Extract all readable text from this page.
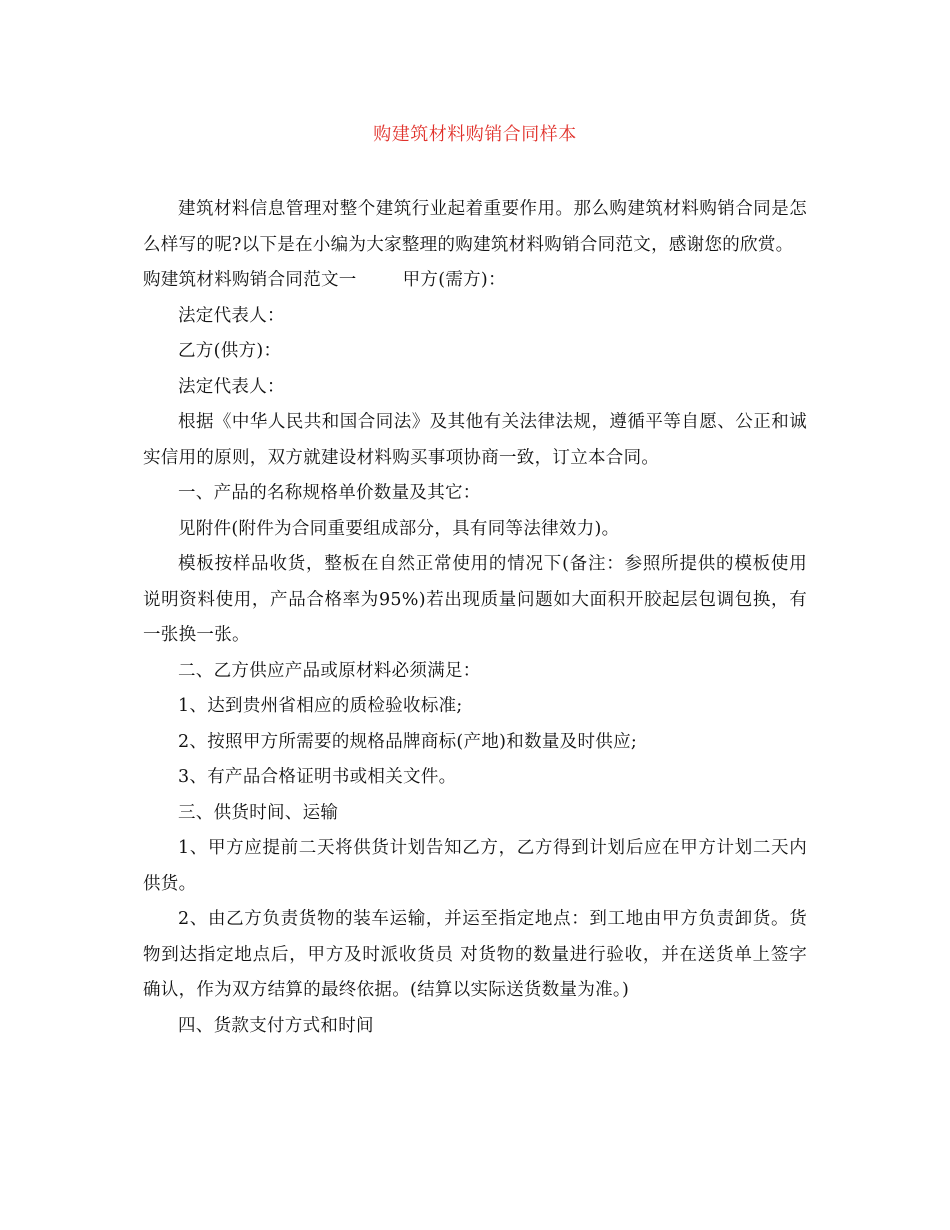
购建筑材料购销合同样本

建筑材料信息管理对整个建筑行业起着重要作用。那么购建筑材料购销合同是怎么样写的呢?以下是在小编为大家整理的购建筑材料购销合同范文，感谢您的欣赏。

购建筑材料购销合同范文一	甲方(需方)：

法定代表人：

乙方(供方)：

法定代表人：

根据《中华人民共和国合同法》及其他有关法律法规，遵循平等自愿、公正和诚实信用的原则，双方就建设材料购买事项协商一致，订立本合同。

一、产品的名称规格单价数量及其它：

见附件(附件为合同重要组成部分，具有同等法律效力)。

模板按样品收货，整板在自然正常使用的情况下(备注：参照所提供的模板使用说明资料使用，产品合格率为95%)若出现质量问题如大面积开胶起层包调包换，有一张换一张。

二、乙方供应产品或原材料必须满足：

1、达到贵州省相应的质检验收标准;

2、按照甲方所需要的规格品牌商标(产地)和数量及时供应;

3、有产品合格证明书或相关文件。

三、供货时间、运输

1、甲方应提前二天将供货计划告知乙方，乙方得到计划后应在甲方计划二天内供货。

2、由乙方负责货物的装车运输，并运至指定地点：到工地由甲方负责卸货。货物到达指定地点后，甲方及时派收货员 对货物的数量进行验收，并在送货单上签字确认，作为双方结算的最终依据。(结算以实际送货数量为准。)

四、货款支付方式和时间
